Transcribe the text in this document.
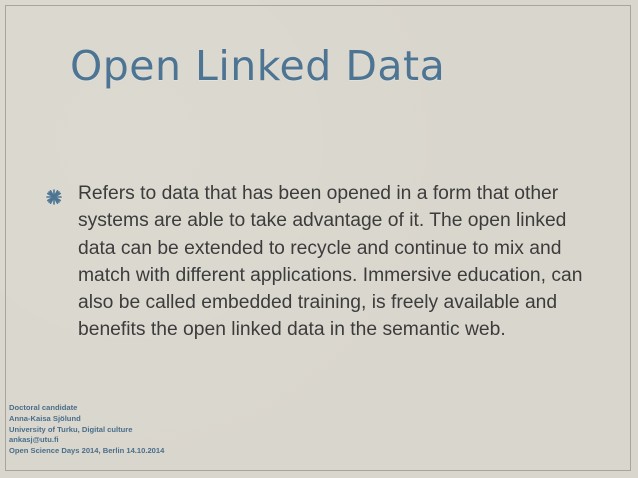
Open Linked Data
Refers to data that has been opened in a form that other systems are able to take advantage of it. The open linked data can be extended to recycle and continue to mix and match with different applications. Immersive education, can also be called embedded training, is freely available and benefits the open linked data in the semantic web.
Doctoral candidate
Anna-Kaisa Sjölund
University of Turku, Digital culture
ankasj@utu.fi
Open Science Days 2014, Berlin 14.10.2014
